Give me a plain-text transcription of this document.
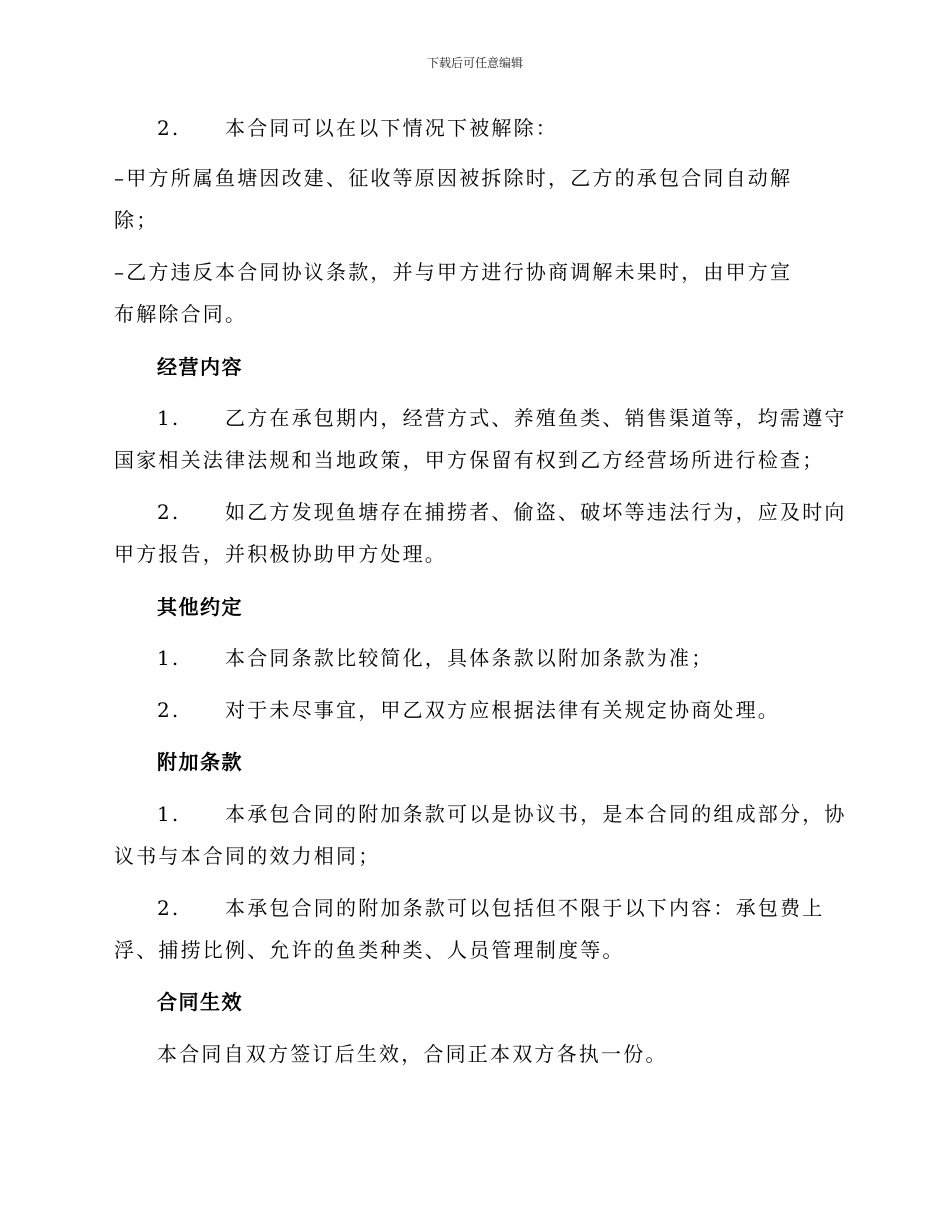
下载后可任意编辑
2. 本合同可以在以下情况下被解除：
–甲方所属鱼塘因改建、征收等原因被拆除时，乙方的承包合同自动解
除；
–乙方违反本合同协议条款，并与甲方进行协商调解未果时，由甲方宣
布解除合同。
经营内容
1. 乙方在承包期内，经营方式、养殖鱼类、销售渠道等，均需遵守
国家相关法律法规和当地政策，甲方保留有权到乙方经营场所进行检查；
2. 如乙方发现鱼塘存在捕捞者、偷盗、破坏等违法行为，应及时向
甲方报告，并积极协助甲方处理。
其他约定
1. 本合同条款比较简化，具体条款以附加条款为准；
2. 对于未尽事宜，甲乙双方应根据法律有关规定协商处理。
附加条款
1. 本承包合同的附加条款可以是协议书，是本合同的组成部分，协
议书与本合同的效力相同；
2. 本承包合同的附加条款可以包括但不限于以下内容：承包费上
浮、捕捞比例、允许的鱼类种类、人员管理制度等。
合同生效
本合同自双方签订后生效，合同正本双方各执一份。
